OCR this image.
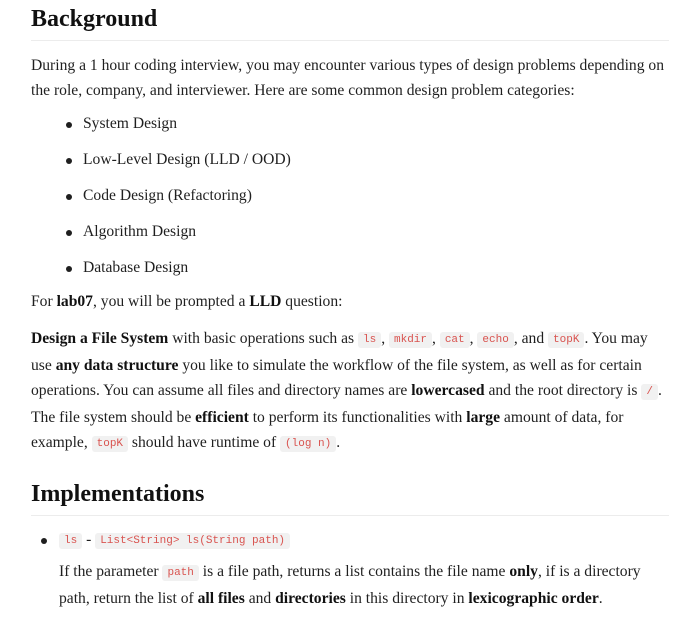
Background

During a 1 hour coding interview, you may encounter various types of design problems depending on the role, company, and interviewer. Here are some common design problem categories:

System Design
Low-Level Design (LLD / OOD)
Code Design (Refactoring)
Algorithm Design
Database Design

For lab07, you will be prompted a LLD question:

Design a File System with basic operations such as ls , mkdir , cat , echo , and topK . You may use any data structure you like to simulate the workflow of the file system, as well as for certain operations. You can assume all files and directory names are lowercased and the root directory is / . The file system should be efficient to perform its functionalities with large amount of data, for example, topK should have runtime of (log n) .

Implementations
ls - List<String> ls(String path)

If the parameter path is a file path, returns a list contains the file name only, if is a directory path, return the list of all files and directories in this directory in lexicographic order.
